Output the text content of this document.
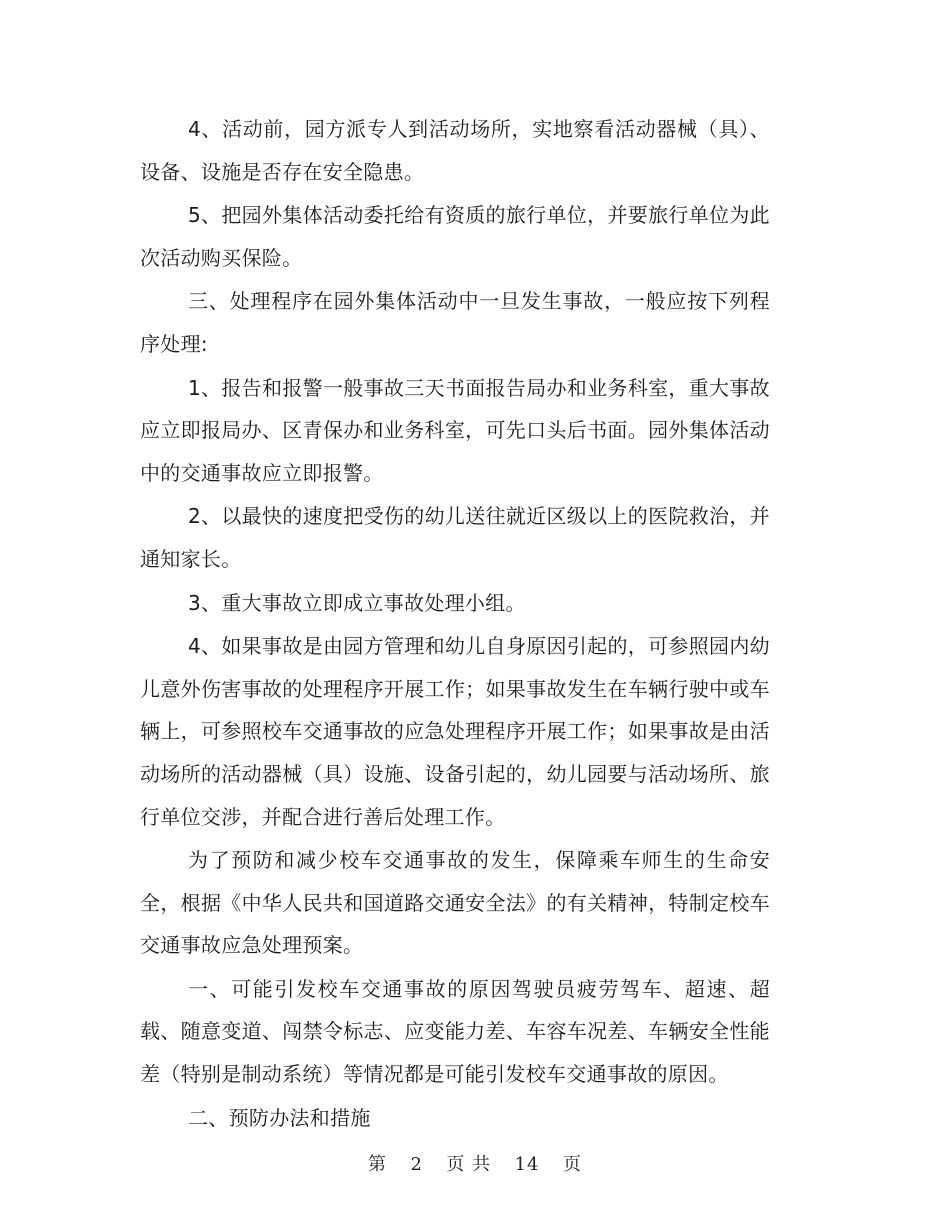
4、活动前，园方派专人到活动场所，实地察看活动器械（具）、设备、设施是否存在安全隐患。

5、把园外集体活动委托给有资质的旅行单位，并要旅行单位为此次活动购买保险。

三、处理程序在园外集体活动中一旦发生事故，一般应按下列程序处理:

1、报告和报警一般事故三天书面报告局办和业务科室，重大事故应立即报局办、区青保办和业务科室，可先口头后书面。园外集体活动中的交通事故应立即报警。

2、以最快的速度把受伤的幼儿送往就近区级以上的医院救治，并通知家长。

3、重大事故立即成立事故处理小组。

4、如果事故是由园方管理和幼儿自身原因引起的，可参照园内幼儿意外伤害事故的处理程序开展工作；如果事故发生在车辆行驶中或车辆上，可参照校车交通事故的应急处理程序开展工作；如果事故是由活动场所的活动器械（具）设施、设备引起的，幼儿园要与活动场所、旅行单位交涉，并配合进行善后处理工作。

为了预防和减少校车交通事故的发生，保障乘车师生的生命安全，根据《中华人民共和国道路交通安全法》的有关精神，特制定校车交通事故应急处理预案。

一、可能引发校车交通事故的原因驾驶员疲劳驾车、超速、超载、随意变道、闯禁令标志、应变能力差、车容车况差、车辆安全性能差（特别是制动系统）等情况都是可能引发校车交通事故的原因。

二、预防办法和措施

第 2 页 共 14 页
